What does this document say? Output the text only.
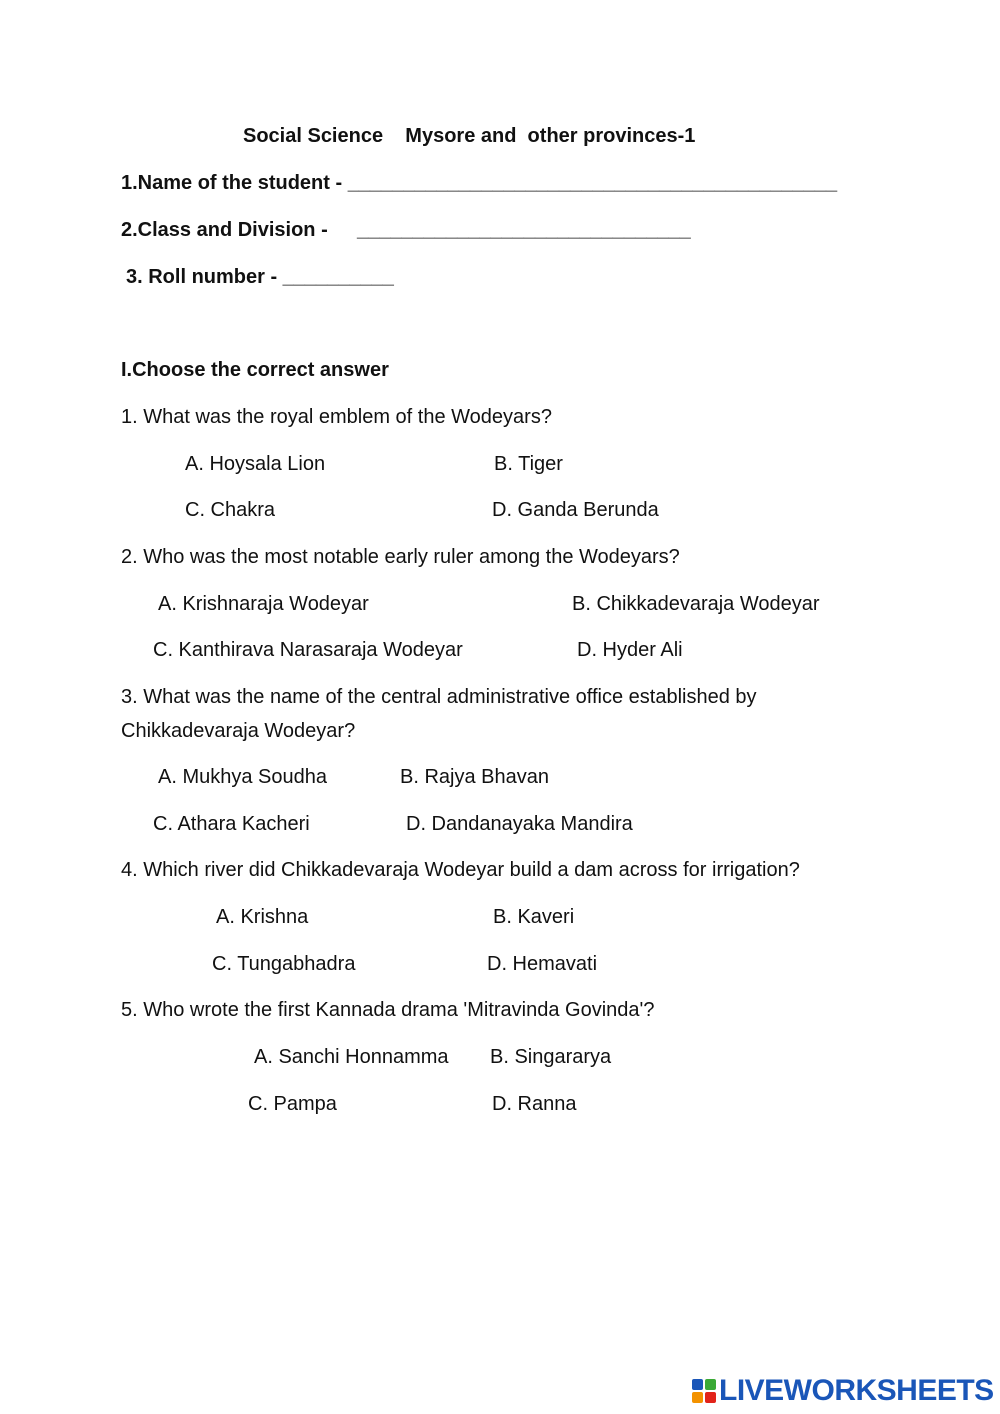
Social Science    Mysore and  other provinces-1
1.Name of the student - ____________________________________________
2.Class and Division - ______________________________
3. Roll number - __________
I.Choose the correct answer
1. What was the royal emblem of the Wodeyars?
A. Hoysala Lion	B. Tiger
C. Chakra	D. Ganda Berunda
2. Who was the most notable early ruler among the Wodeyars?
A. Krishnaraja Wodeyar	B. Chikkadevaraja Wodeyar
C. Kanthirava Narasaraja Wodeyar	D. Hyder Ali
3. What was the name of the central administrative office established by
Chikkadevaraja Wodeyar?
A. Mukhya Soudha	B. Rajya Bhavan
C. Athara Kacheri	D. Dandanayaka Mandira
4. Which river did Chikkadevaraja Wodeyar build a dam across for irrigation?
A. Krishna	B. Kaveri
C. Tungabhadra	D. Hemavati
5. Who wrote the first Kannada drama 'Mitravinda Govinda'?
A. Sanchi Honnamma B. Singararya
C. Pampa	D. Ranna
LIVEWORKSHEETS
